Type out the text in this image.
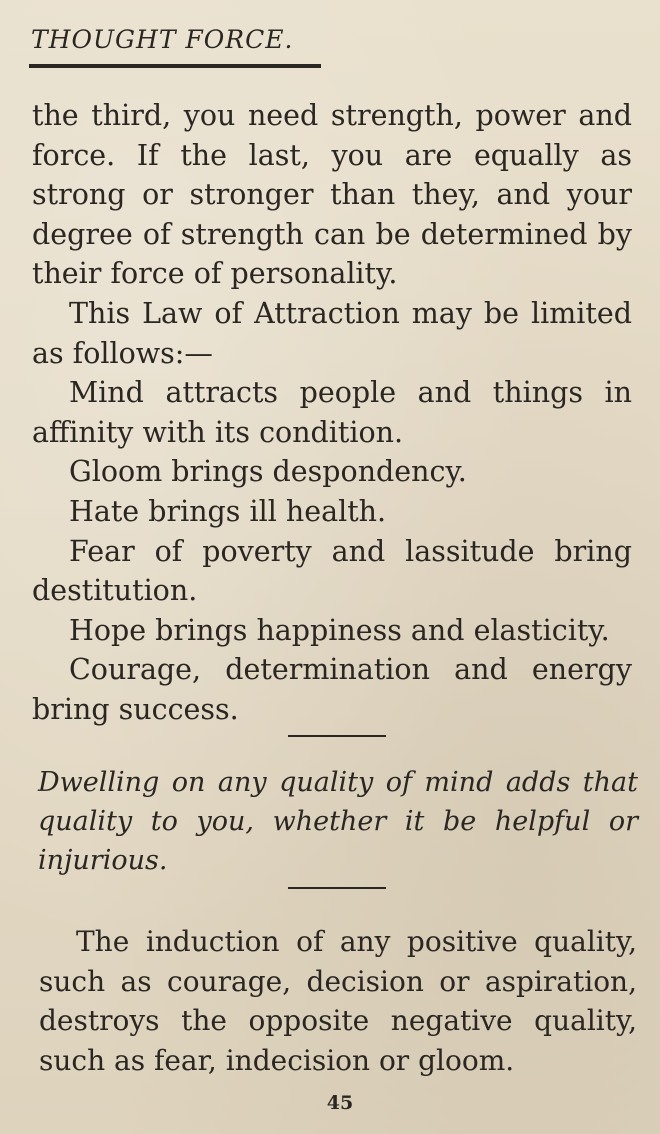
THOUGHT FORCE.

the third, you need strength, power and force. If the last, you are equally as strong or stronger than they, and your degree of strength can be determined by their force of personality.

This Law of Attraction may be limited as follows:—

Mind attracts people and things in affinity with its condition.

Gloom brings despondency.

Hate brings ill health.

Fear of poverty and lassitude bring destitution.

Hope brings happiness and elasticity.

Courage, determination and energy bring success.

Dwelling on any quality of mind adds that quality to you, whether it be helpful or injurious.

The induction of any positive quality, such as courage, decision or aspiration, destroys the opposite negative quality, such as fear, indecision or gloom.

45
